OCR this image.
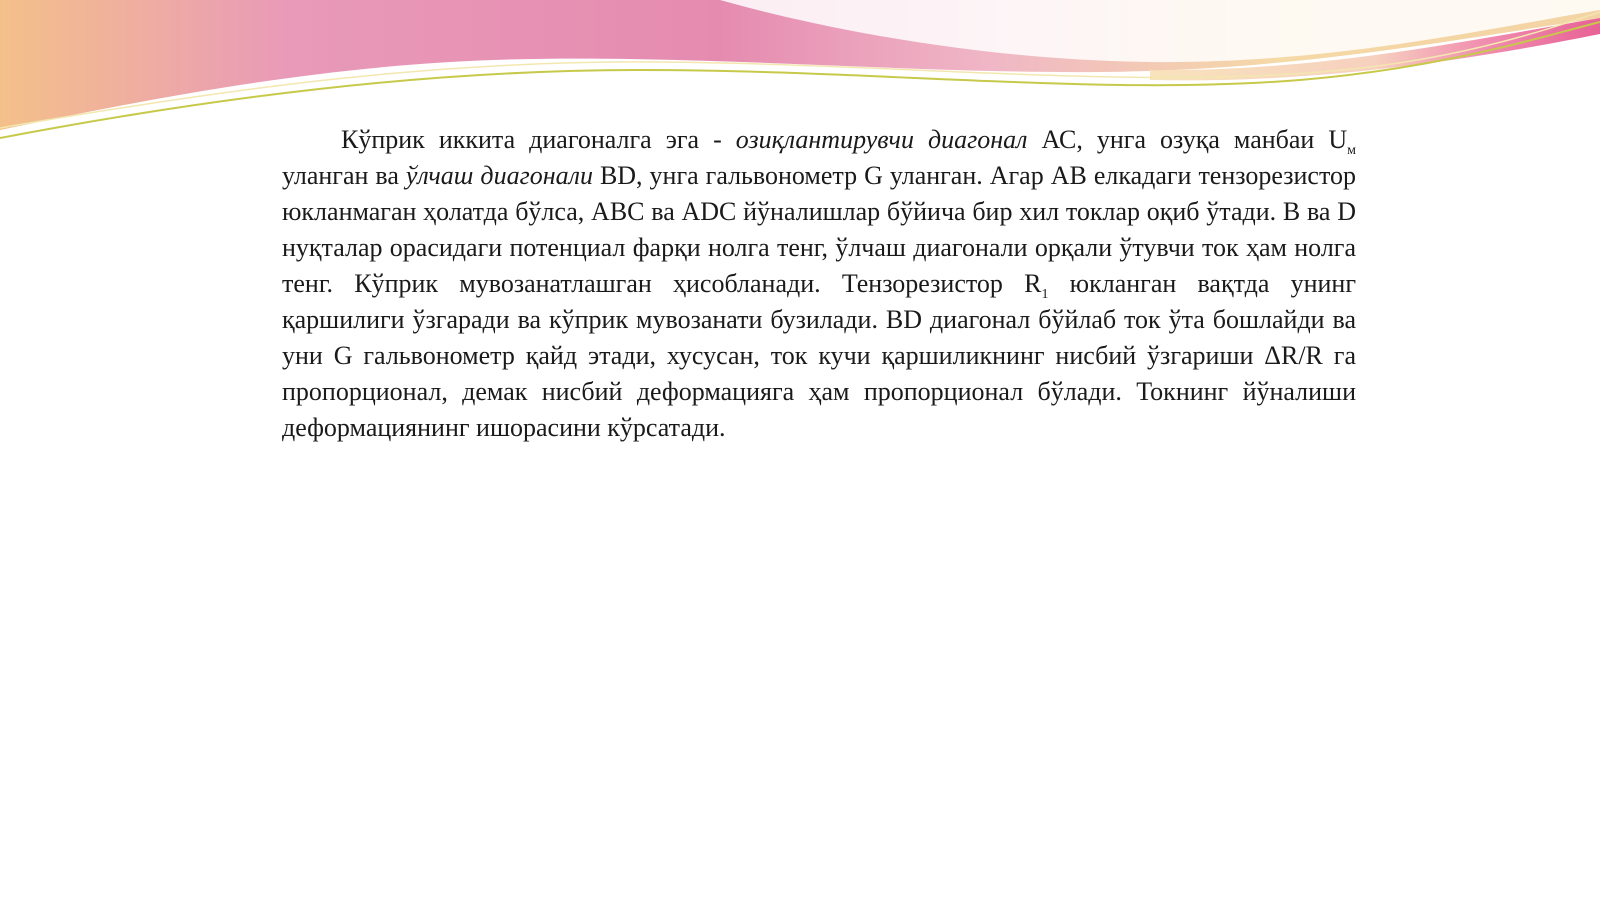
Кўприк иккита диагоналга эга - озиқлантирувчи диагонал АС, унга озуқа манбаи $U_м$ уланган ва ўлчаш диагонали BD, унга гальвонометр G уланган. Агар AB елкадаги тензорезистор юкланмаган ҳолатда бўлса, ABC ва ADC йўналишлар бўйича бир хил токлар оқиб ўтади. B ва D нуқталар орасидаги потенциал фарқи нолга тенг, ўлчаш диагонали орқали ўтувчи ток ҳам нолга тенг. Кўприк мувозанатлашган ҳисобланади. Тензорезистор $R_1$ юкланган вақтда унинг қаршилиги ўзгаради ва кўприк мувозанати бузилади. BD диагонал бўйлаб ток ўта бошлайди ва уни G гальвонометр қайд этади, хусусан, ток кучи қаршиликнинг нисбий ўзгариши ΔR/R га пропорционал, демак нисбий деформацияга ҳам пропорционал бўлади. Токнинг йўналиши деформациянинг ишорасини кўрсатади.
